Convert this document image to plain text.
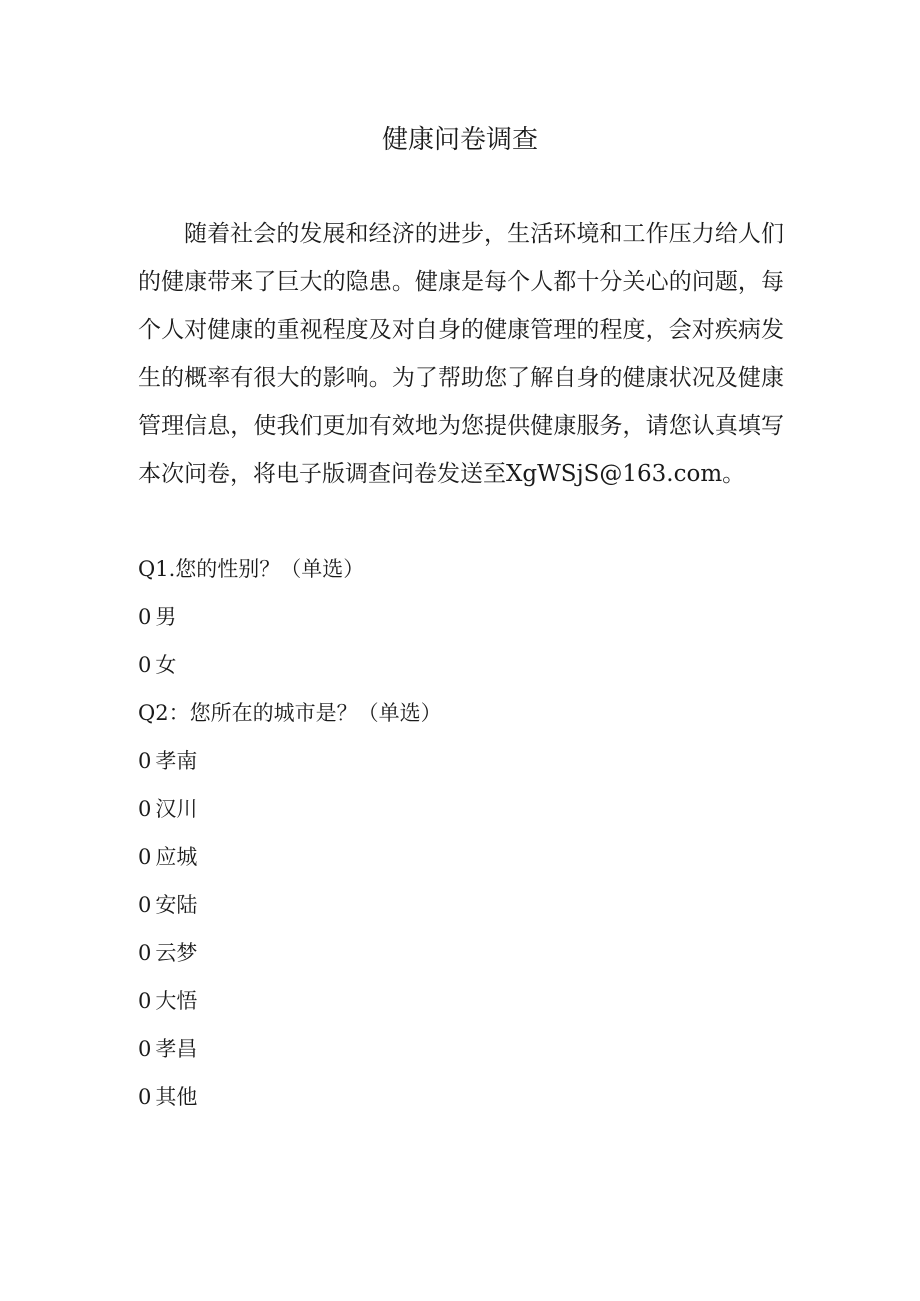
健康问卷调查

随着社会的发展和经济的进步，生活环境和工作压力给人们的健康带来了巨大的隐患。健康是每个人都十分关心的问题，每个人对健康的重视程度及对自身的健康管理的程度，会对疾病发生的概率有很大的影响。为了帮助您了解自身的健康状况及健康管理信息，使我们更加有效地为您提供健康服务，请您认真填写本次问卷，将电子版调查问卷发送至XgWSjS@163.com。

Q1.您的性别？（单选）
0 男
0 女
Q2：您所在的城市是？（单选）
0 孝南
0 汉川
0 应城
0 安陆
0 云梦
0 大悟
0 孝昌
0 其他
